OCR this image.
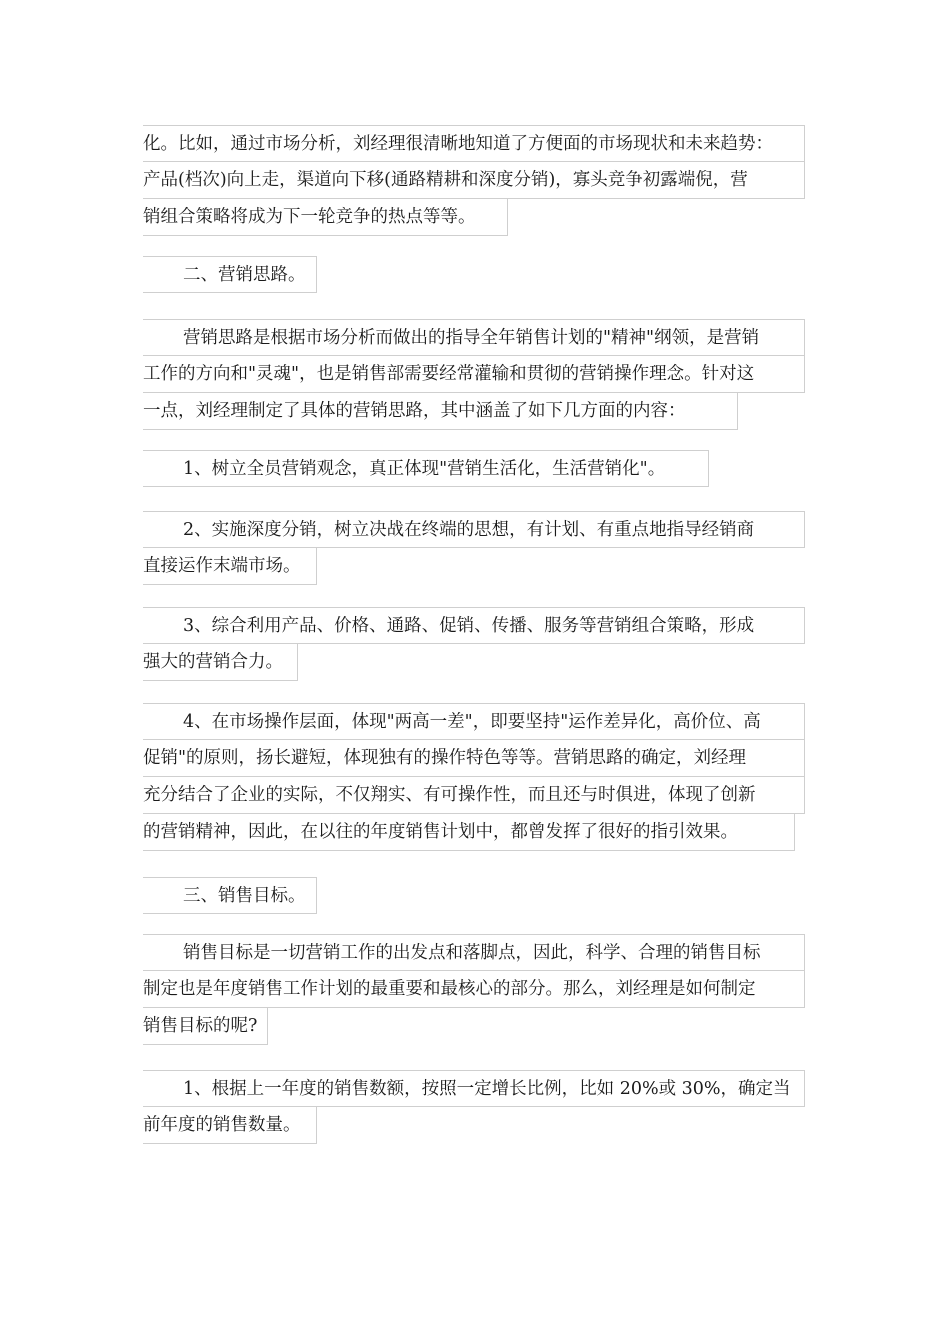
化。比如，通过市场分析，刘经理很清晰地知道了方便面的市场现状和未来趋势：
产品(档次)向上走，渠道向下移(通路精耕和深度分销)，寡头竞争初露端倪，营
销组合策略将成为下一轮竞争的热点等等。
二、营销思路。
营销思路是根据市场分析而做出的指导全年销售计划的"精神"纲领，是营销
工作的方向和"灵魂"，也是销售部需要经常灌输和贯彻的营销操作理念。针对这
一点，刘经理制定了具体的营销思路，其中涵盖了如下几方面的内容：
1、树立全员营销观念，真正体现"营销生活化，生活营销化"。
2、实施深度分销，树立决战在终端的思想，有计划、有重点地指导经销商
直接运作末端市场。
3、综合利用产品、价格、通路、促销、传播、服务等营销组合策略，形成
强大的营销合力。
4、在市场操作层面，体现"两高一差"，即要坚持"运作差异化，高价位、高
促销"的原则，扬长避短，体现独有的操作特色等等。营销思路的确定，刘经理
充分结合了企业的实际，不仅翔实、有可操作性，而且还与时俱进，体现了创新
的营销精神，因此，在以往的年度销售计划中，都曾发挥了很好的指引效果。
三、销售目标。
销售目标是一切营销工作的出发点和落脚点，因此，科学、合理的销售目标
制定也是年度销售工作计划的最重要和最核心的部分。那么，刘经理是如何制定
销售目标的呢?
1、根据上一年度的销售数额，按照一定增长比例，比如 20%或 30%，确定当
前年度的销售数量。
